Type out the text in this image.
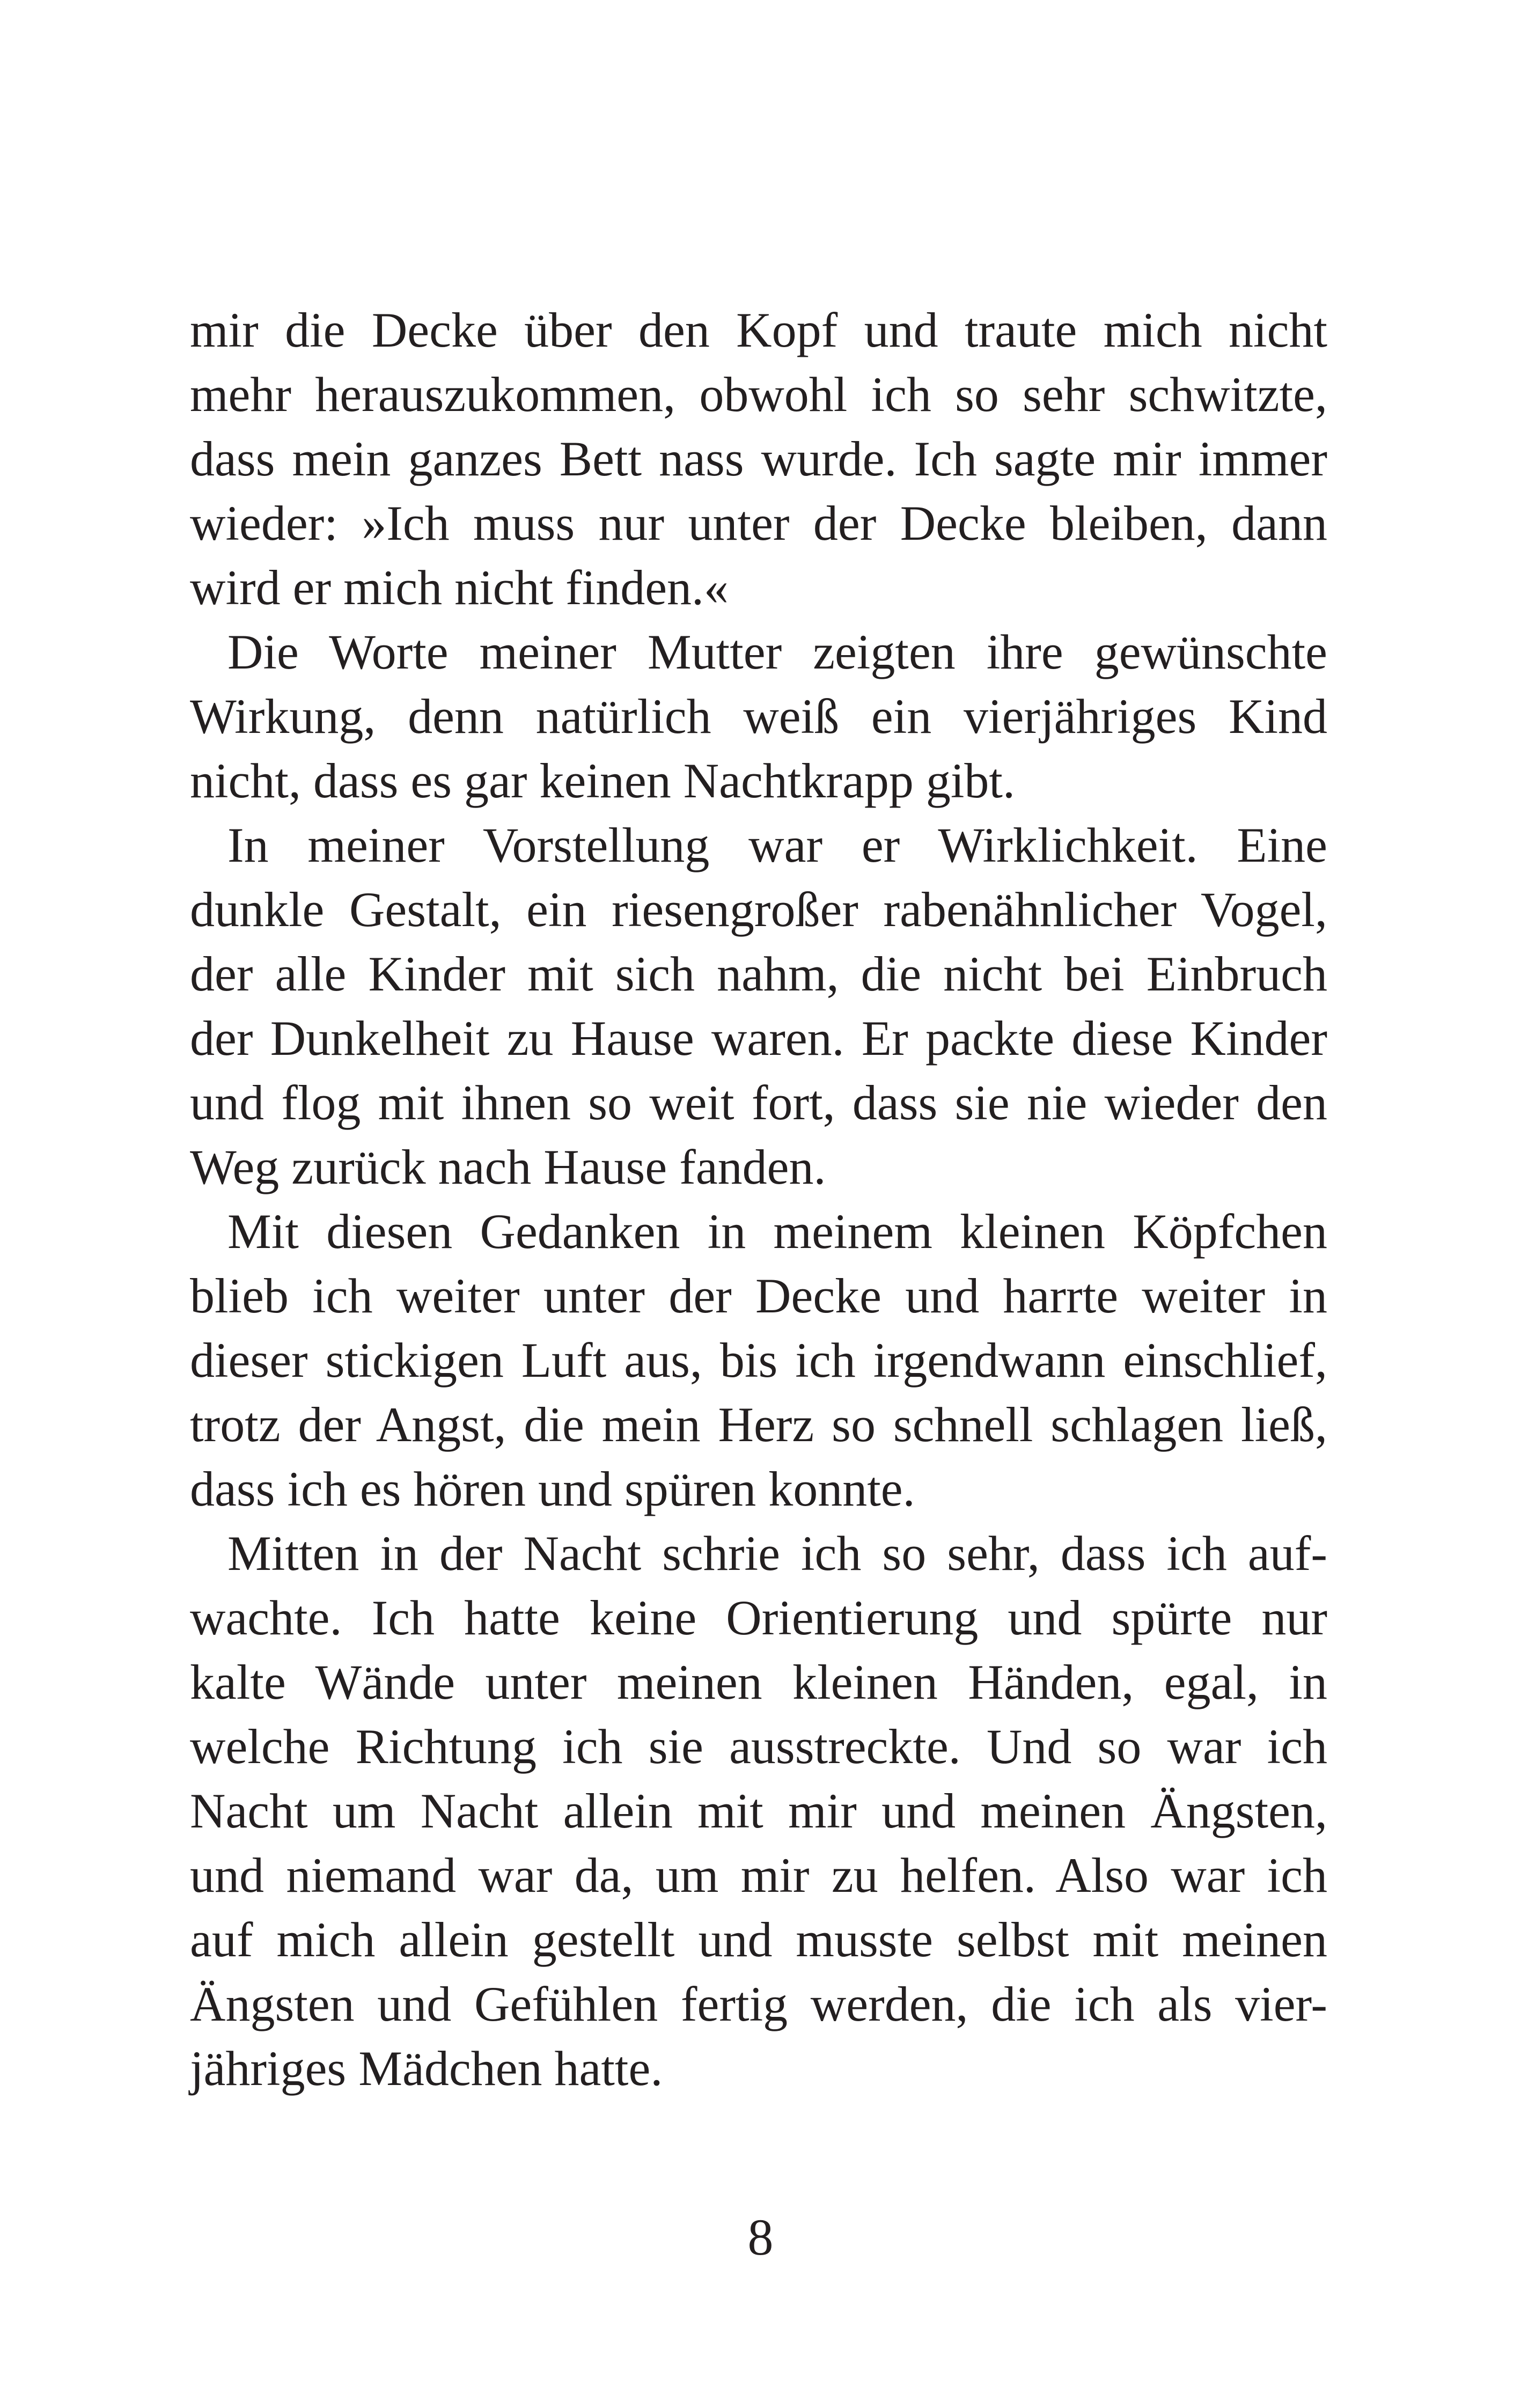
mir die Decke über den Kopf und traute mich nicht
mehr herauszukommen, obwohl ich so sehr schwitzte,
dass mein ganzes Bett nass wurde. Ich sagte mir immer
wieder: »Ich muss nur unter der Decke bleiben, dann
wird er mich nicht finden.«
Die Worte meiner Mutter zeigten ihre gewünschte
Wirkung, denn natürlich weiß ein vierjähriges Kind
nicht, dass es gar keinen Nachtkrapp gibt.
In meiner Vorstellung war er Wirklichkeit. Eine
dunkle Gestalt, ein riesengroßer rabenähnlicher Vogel,
der alle Kinder mit sich nahm, die nicht bei Einbruch
der Dunkelheit zu Hause waren. Er packte diese Kinder
und flog mit ihnen so weit fort, dass sie nie wieder den
Weg zurück nach Hause fanden.
Mit diesen Gedanken in meinem kleinen Köpfchen
blieb ich weiter unter der Decke und harrte weiter in
dieser stickigen Luft aus, bis ich irgendwann einschlief,
trotz der Angst, die mein Herz so schnell schlagen ließ,
dass ich es hören und spüren konnte.
Mitten in der Nacht schrie ich so sehr, dass ich auf-
wachte. Ich hatte keine Orientierung und spürte nur
kalte Wände unter meinen kleinen Händen, egal, in
welche Richtung ich sie ausstreckte. Und so war ich
Nacht um Nacht allein mit mir und meinen Ängsten,
und niemand war da, um mir zu helfen. Also war ich
auf mich allein gestellt und musste selbst mit meinen
Ängsten und Gefühlen fertig werden, die ich als vier-
jähriges Mädchen hatte.
8
